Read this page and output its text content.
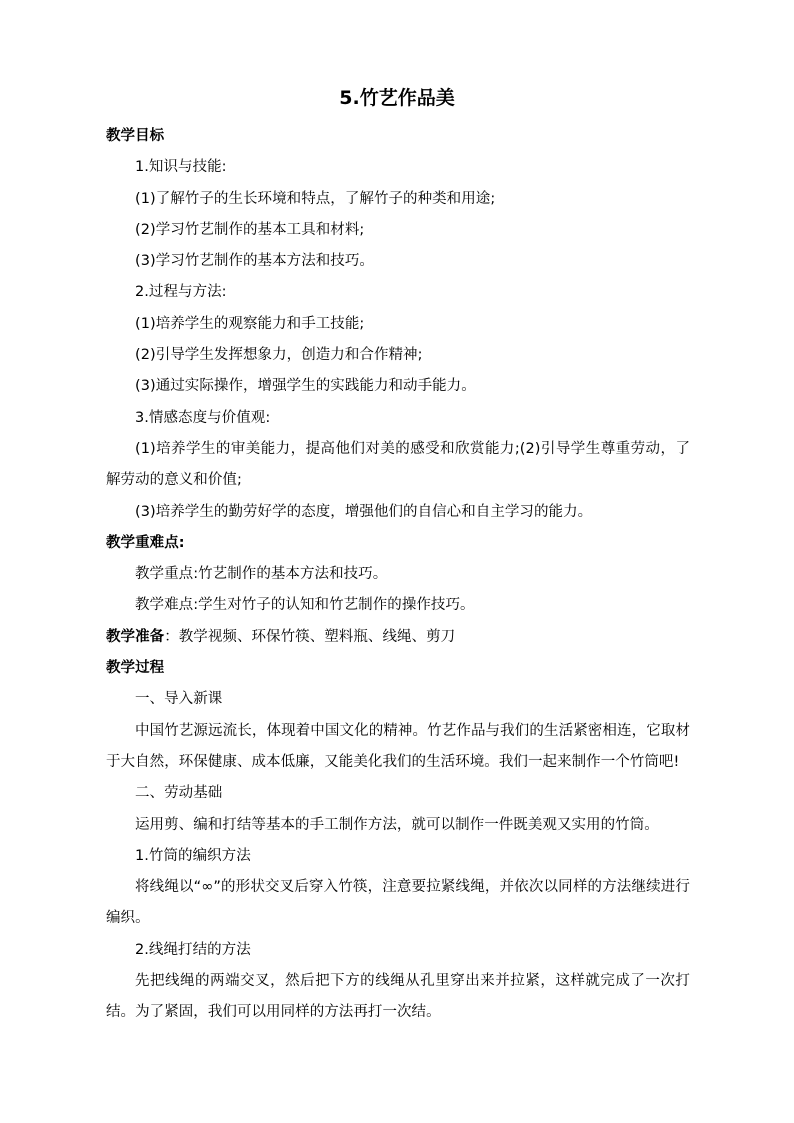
5.竹艺作品美

教学目标

1.知识与技能:

(1)了解竹子的生长环境和特点，了解竹子的种类和用途;

(2)学习竹艺制作的基本工具和材料;

(3)学习竹艺制作的基本方法和技巧。

2.过程与方法:

(1)培养学生的观察能力和手工技能;

(2)引导学生发挥想象力，创造力和合作精神;

(3)通过实际操作，增强学生的实践能力和动手能力。

3.情感态度与价值观:

(1)培养学生的审美能力，提高他们对美的感受和欣赏能力;(2)引导学生尊重劳动，了解劳动的意义和价值;

(3)培养学生的勤劳好学的态度，增强他们的自信心和自主学习的能力。

教学重难点:

教学重点:竹艺制作的基本方法和技巧。

教学难点:学生对竹子的认知和竹艺制作的操作技巧。

教学准备：教学视频、环保竹筷、塑料瓶、线绳、剪刀

教学过程

一、导入新课

中国竹艺源远流长，体现着中国文化的精神。竹艺作品与我们的生活紧密相连，它取材于大自然，环保健康、成本低廉，又能美化我们的生活环境。我们一起来制作一个竹筒吧!

二、劳动基础

运用剪、编和打结等基本的手工制作方法，就可以制作一件既美观又实用的竹筒。

1.竹筒的编织方法

将线绳以“∞”的形状交叉后穿入竹筷，注意要拉紧线绳，并依次以同样的方法继续进行编织。

2.线绳打结的方法

先把线绳的两端交叉，然后把下方的线绳从孔里穿出来并拉紧，这样就完成了一次打结。为了紧固，我们可以用同样的方法再打一次结。
